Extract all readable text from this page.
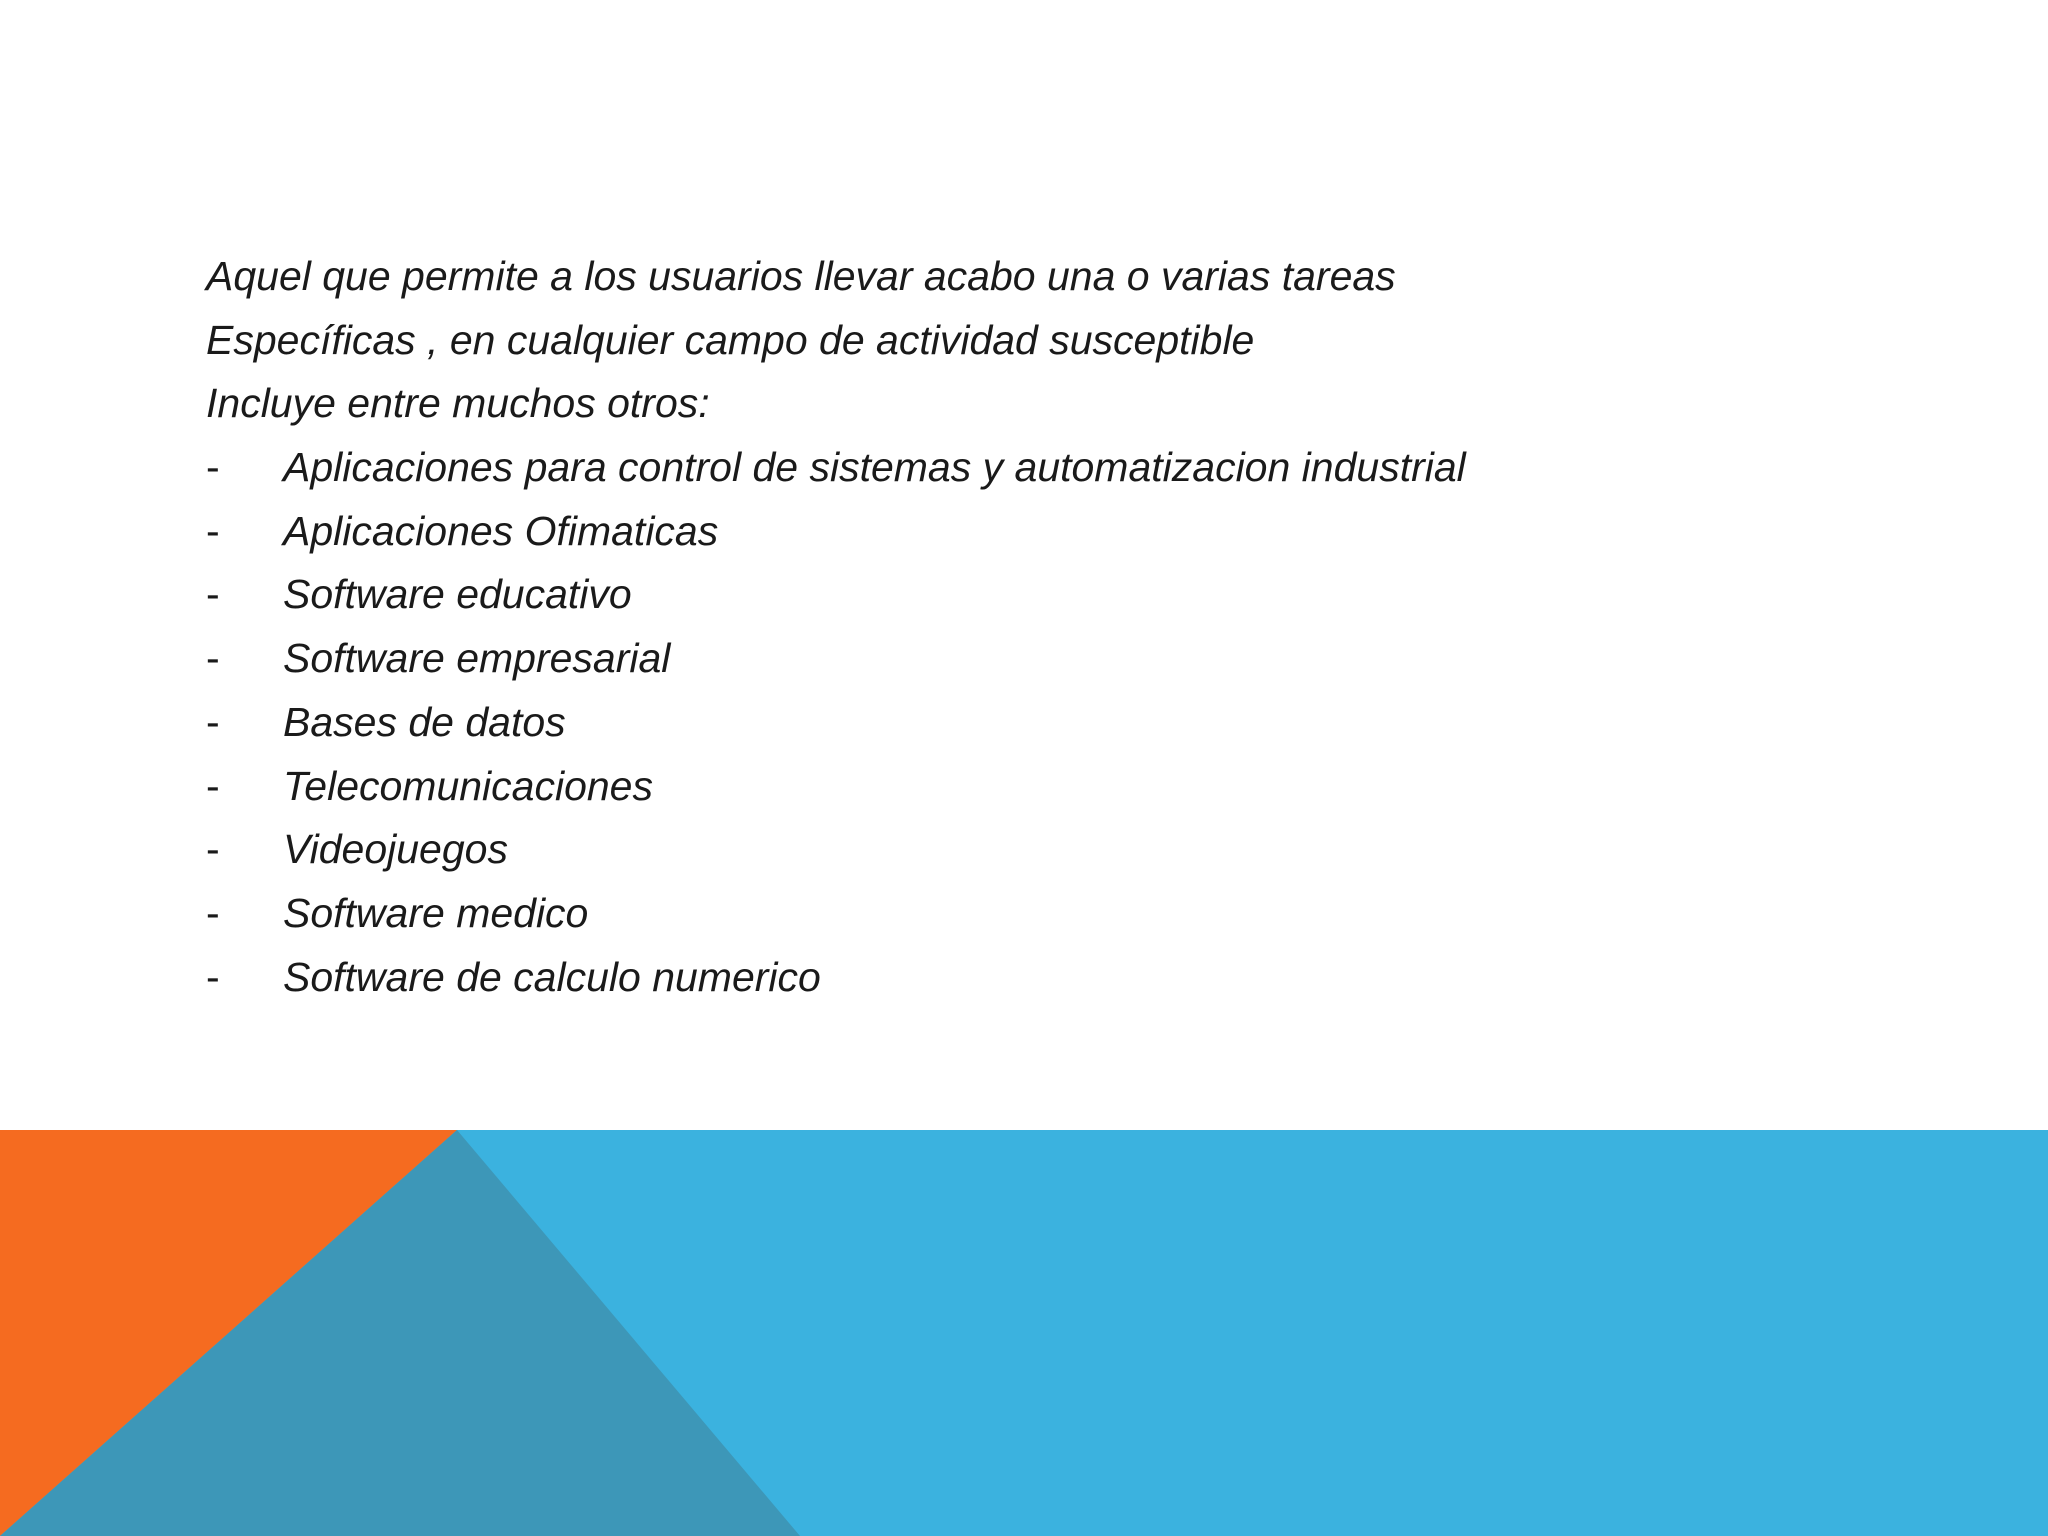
Aquel que permite a los usuarios llevar acabo una o varias tareas
Específicas , en cualquier campo de actividad susceptible
Incluye entre muchos otros:
-	Aplicaciones para control de sistemas y automatizacion industrial
-	Aplicaciones Ofimaticas
-	Software educativo
-	Software empresarial
-	Bases de datos
-	Telecomunicaciones
-	Videojuegos
-	Software medico
-	Software de calculo numerico
